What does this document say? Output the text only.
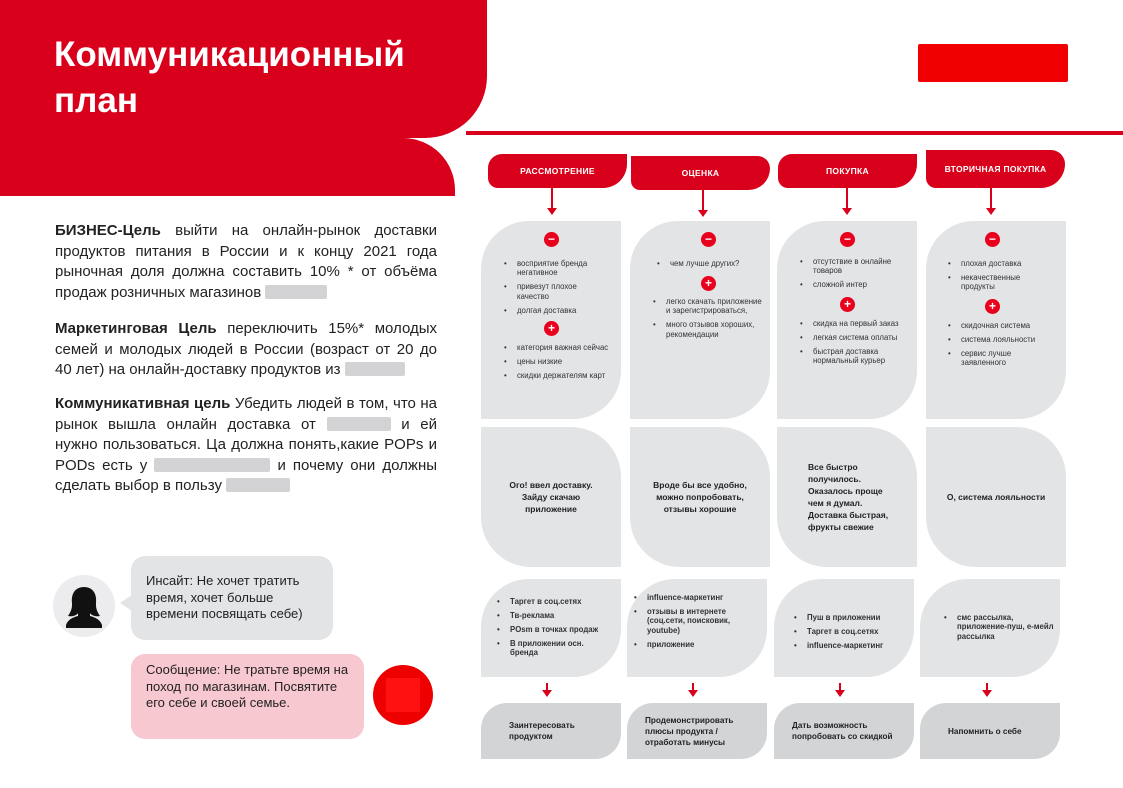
Коммуникационный план
БИЗНЕС-Цель выйти на онлайн-рынок доставки продуктов питания в России и к концу 2021 года рыночная доля должна составить 10% * от объёма продаж розничных магазинов
Маркетинговая Цель переключить 15%* молодых семей и молодых людей в России (возраст от 20 до 40 лет) на онлайн-доставку продуктов из
Коммуникативная цель Убедить людей в том, что на рынок вышла онлайн доставка от	и ей нужно пользоваться. Ца должна понять,какие POPs и PODs есть у	и почему они должны сделать выбор в пользу
Инсайт: Не хочет тратить время, хочет больше времени посвящать себе)
Сообщение: Не тратьте время на поход по магазинам. Посвятите его себе и своей семье.
РАССМОТРЕНИЕ
−
• восприятие бренда негативное
• привезут плохое качество
• долгая доставка
+
• категория важная сейчас
• цены низкие
• скидки держателям карт
Ого! ввел доставку. Зайду скачаю приложение
• Таргет в соц.сетях
• Тв-реклама
• POsm в точках продаж
• В приложении осн. бренда
Заинтересовать продуктом
ОЦЕНКА
−
• чем лучше других?
+
• легко скачать приложение и зарегистрироваться,
• много отзывов хороших, рекомендации
Вроде бы все удобно, можно попробовать, отзывы хорошие
• influence-маркетинг
• отзывы в интернете (соц.сети, поисковик, youtube)
• приложение
Продемонстрировать плюсы продукта / отработать минусы
ПОКУПКА
−
• отсутствие в онлайне товаров
• сложной интер
+
• скидка на первый заказ
• легкая система оплаты
• быстрая доставка нормальный курьер
Все быстро получилось. Оказалось проще чем я думал. Доставка быстрая, фрукты свежие
• Пуш в приложении
• Таргет в соц.сетях
• influence-маркетинг
Дать возможность попробовать со скидкой
ВТОРИЧНАЯ ПОКУПКА
−
• плохая доставка
• некачественные продукты
+
• скидочная система
• система лояльности
• сервис лучше заявленного
О, система лояльности
• смс рассылка, приложение-пуш, е-мейл рассылка
Напомнить о себе
